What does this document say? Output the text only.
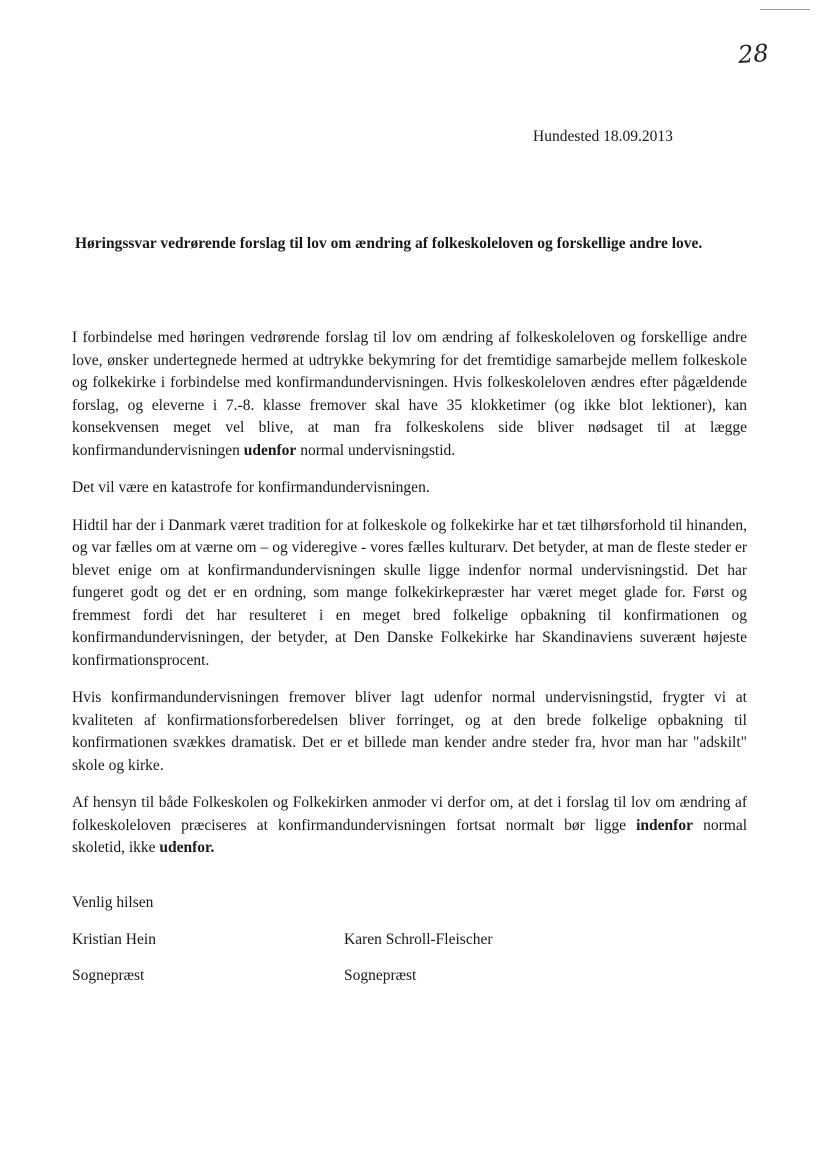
28
Hundested 18.09.2013
Høringssvar vedrørende forslag til lov om ændring af folkeskoleloven og forskellige andre love.

I forbindelse med høringen vedrørende forslag til lov om ændring af folkeskoleloven og forskellige andre love, ønsker undertegnede hermed at udtrykke bekymring for det fremtidige samarbejde mellem folkeskole og folkekirke i forbindelse med konfirmandundervisningen. Hvis folkeskoleloven ændres efter pågældende forslag, og eleverne i 7.-8. klasse fremover skal have 35 klokketimer (og ikke blot lektioner), kan konsekvensen meget vel blive, at man fra folkeskolens side bliver nødsaget til at lægge konfirmandundervisningen udenfor normal undervisningstid.

Det vil være en katastrofe for konfirmandundervisningen.

Hidtil har der i Danmark været tradition for at folkeskole og folkekirke har et tæt tilhørsforhold til hinanden, og var fælles om at værne om – og videregive - vores fælles kulturarv. Det betyder, at man de fleste steder er blevet enige om at konfirmandundervisningen skulle ligge indenfor normal undervisningstid. Det har fungeret godt og det er en ordning, som mange folkekirkepræster har været meget glade for. Først og fremmest fordi det har resulteret i en meget bred folkelige opbakning til konfirmationen og konfirmandundervisningen, der betyder, at Den Danske Folkekirke har Skandinaviens suverænt højeste konfirmationsprocent.

Hvis konfirmandundervisningen fremover bliver lagt udenfor normal undervisningstid, frygter vi at kvaliteten af konfirmationsforberedelsen bliver forringet, og at den brede folkelige opbakning til konfirmationen svækkes dramatisk. Det er et billede man kender andre steder fra, hvor man har "adskilt" skole og kirke.

Af hensyn til både Folkeskolen og Folkekirken anmoder vi derfor om, at det i forslag til lov om ændring af folkeskoleloven præciseres at konfirmandundervisningen fortsat normalt bør ligge indenfor normal skoletid, ikke udenfor.

Venlig hilsen
Kristian Hein
Sognepræst
Karen Schroll-Fleischer
Sognepræst
